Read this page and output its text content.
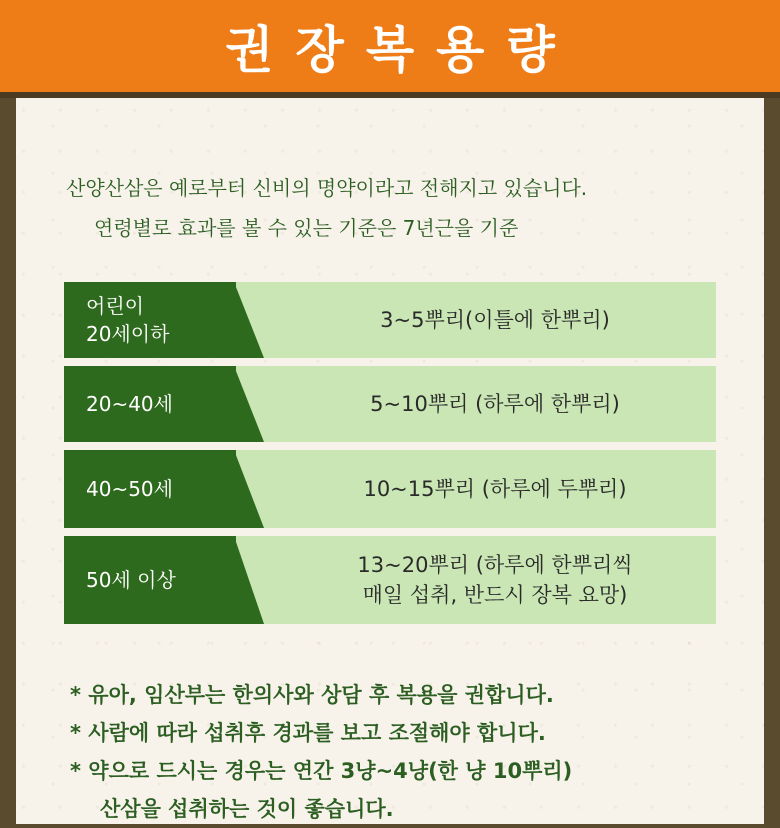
권장복용량
산양산삼은 예로부터 신비의 명약이라고 전해지고 있습니다.
연령별로 효과를 볼 수 있는 기준은 7년근을 기준
어린이
20세이하
3~5뿌리(이틀에 한뿌리)
20~40세	5~10뿌리 (하루에 한뿌리)
40~50세	10~15뿌리 (하루에 두뿌리)
50세 이상
13~20뿌리 (하루에 한뿌리씩
매일 섭취, 반드시 장복 요망)
* 유아, 임산부는 한의사와 상담 후 복용을 권합니다.
* 사람에 따라 섭취후 경과를 보고 조절해야 합니다.
* 약으로 드시는 경우는 연간 3냥~4냥(한 냥 10뿌리)
산삼을 섭취하는 것이 좋습니다.
